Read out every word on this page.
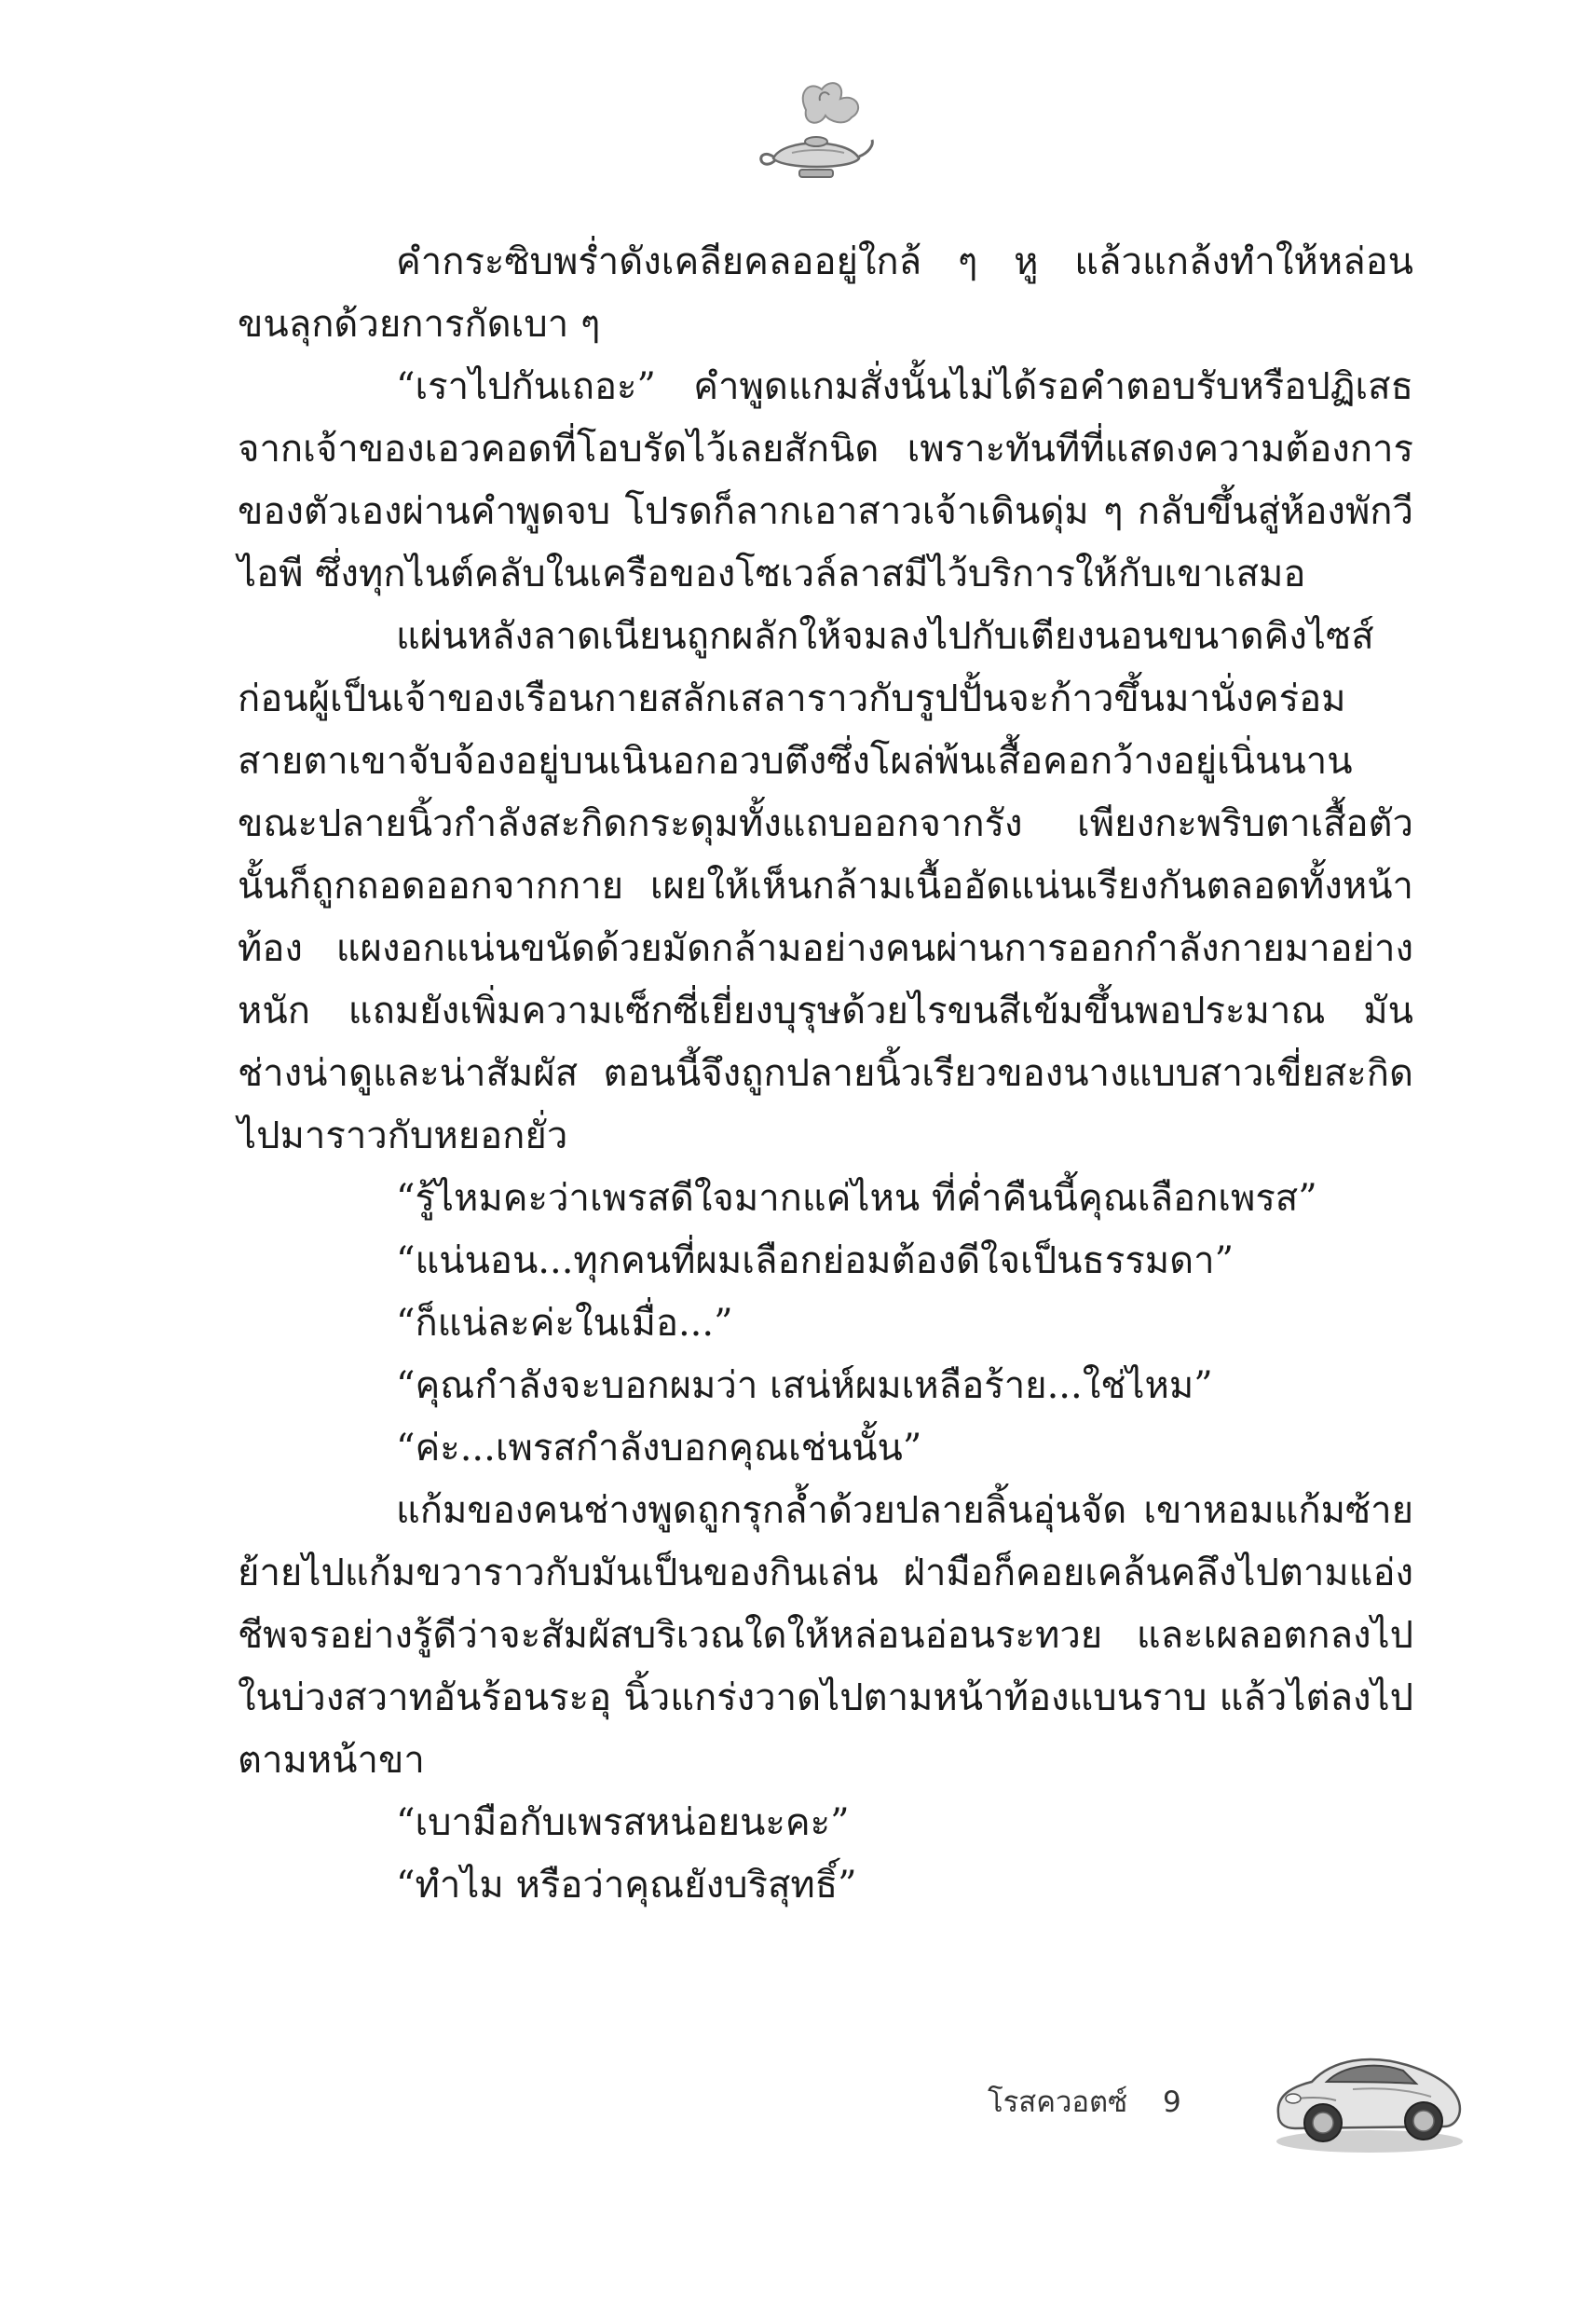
คำกระซิบพร่ำดังเคลียคลออยู่ใกล้ ๆ หู แล้วแกล้งทำให้หล่อนขนลุกด้วยการกัดเบา ๆ

“เราไปกันเถอะ” คำพูดแกมสั่งนั้นไม่ได้รอคำตอบรับหรือปฏิเสธจากเจ้าของเอวคอดที่โอบรัดไว้เลยสักนิด เพราะทันทีที่แสดงความต้องการของตัวเองผ่านคำพูดจบ โปรดก็ลากเอาสาวเจ้าเดินดุ่ม ๆ กลับขึ้นสู่ห้องพักวีไอพี ซึ่งทุกไนต์คลับในเครือของโซเวล์ลาสมีไว้บริการให้กับเขาเสมอ

แผ่นหลังลาดเนียนถูกผลักให้จมลงไปกับเตียงนอนขนาดคิงไซส์ ก่อนผู้เป็นเจ้าของเรือนกายสลักเสลาราวกับรูปปั้นจะก้าวขึ้นมานั่งคร่อม สายตาเขาจับจ้องอยู่บนเนินอกอวบตึงซึ่งโผล่พ้นเสื้อคอกว้างอยู่เนิ่นนาน ขณะปลายนิ้วกำลังสะกิดกระดุมทั้งแถบออกจากรัง เพียงกะพริบตาเสื้อตัวนั้นก็ถูกถอดออกจากกาย เผยให้เห็นกล้ามเนื้ออัดแน่นเรียงกันตลอดทั้งหน้าท้อง แผงอกแน่นขนัดด้วยมัดกล้ามอย่างคนผ่านการออกกำลังกายมาอย่างหนัก แถมยังเพิ่มความเซ็กซี่เยี่ยงบุรุษด้วยไรขนสีเข้มขึ้นพอประมาณ มันช่างน่าดูและน่าสัมผัส ตอนนี้จึงถูกปลายนิ้วเรียวของนางแบบสาวเขี่ยสะกิดไปมาราวกับหยอกยั่ว

“รู้ไหมคะว่าเพรสดีใจมากแค่ไหน ที่ค่ำคืนนี้คุณเลือกเพรส”

“แน่นอน...ทุกคนที่ผมเลือกย่อมต้องดีใจเป็นธรรมดา”

“ก็แน่ละค่ะในเมื่อ...”

“คุณกำลังจะบอกผมว่า เสน่ห์ผมเหลือร้าย...ใช่ไหม”

“ค่ะ...เพรสกำลังบอกคุณเช่นนั้น”

แก้มของคนช่างพูดถูกรุกล้ำด้วยปลายลิ้นอุ่นจัด เขาหอมแก้มซ้ายย้ายไปแก้มขวาราวกับมันเป็นของกินเล่น ฝ่ามือก็คอยเคล้นคลึงไปตามแอ่งชีพจรอย่างรู้ดีว่าจะสัมผัสบริเวณใดให้หล่อนอ่อนระทวย และเผลอตกลงไปในบ่วงสวาทอันร้อนระอุ นิ้วแกร่งวาดไปตามหน้าท้องแบนราบ แล้วไต่ลงไปตามหน้าขา

“เบามือกับเพรสหน่อยนะคะ”

“ทำไม หรือว่าคุณยังบริสุทธิ์”

โรสควอตซ์ 9
